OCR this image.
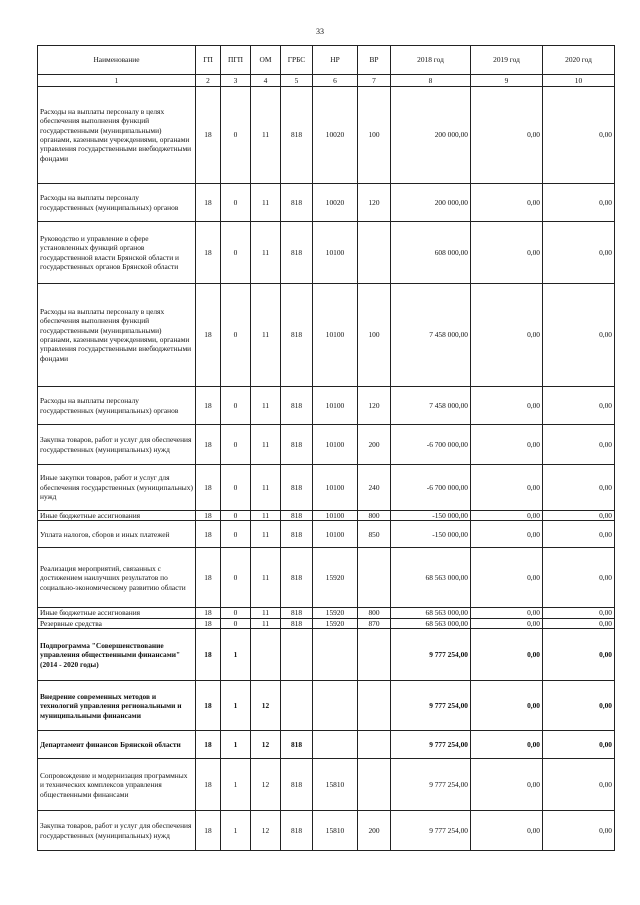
33
Наименование	ГП	ПГП	ОМ	ГРБС	НР	ВР	2018 год	2019 год	2020 год
1	2	3	4	5	6	7	8	9	10
Расходы на выплаты персоналу в целях обеспечения выполнения функций государственными (муниципальными) органами, казенными учреждениями, органами управления государственными внебюджетными фондами	18	0	11	818	10020	100	200 000,00	0,00	0,00
Расходы на выплаты персоналу государственных (муниципальных) органов	18	0	11	818	10020	120	200 000,00	0,00	0,00
Руководство и управление в сфере установленных функций органов государственной власти Брянской области и государственных органов Брянской области	18	0	11	818	10100		608 000,00	0,00	0,00
Расходы на выплаты персоналу в целях обеспечения выполнения функций государственными (муниципальными) органами, казенными учреждениями, органами управления государственными внебюджетными фондами	18	0	11	818	10100	100	7 458 000,00	0,00	0,00
Расходы на выплаты персоналу государственных (муниципальных) органов	18	0	11	818	10100	120	7 458 000,00	0,00	0,00
Закупка товаров, работ и услуг для обеспечения государственных (муниципальных) нужд	18	0	11	818	10100	200	-6 700 000,00	0,00	0,00
Иные закупки товаров, работ и услуг для обеспечения государственных (муниципальных) нужд	18	0	11	818	10100	240	-6 700 000,00	0,00	0,00
Иные бюджетные ассигнования	18	0	11	818	10100	800	-150 000,00	0,00	0,00
Уплата налогов, сборов и иных платежей	18	0	11	818	10100	850	-150 000,00	0,00	0,00
Реализация мероприятий, связанных с достижением наилучших результатов по социально-экономическому развитию области	18	0	11	818	15920		68 563 000,00	0,00	0,00
Иные бюджетные ассигнования	18	0	11	818	15920	800	68 563 000,00	0,00	0,00
Резервные средства	18	0	11	818	15920	870	68 563 000,00	0,00	0,00
Подпрограмма "Совершенствование управления общественными финансами" (2014 - 2020 годы)	18	1					9 777 254,00	0,00	0,00
Внедрение современных методов и технологий управления региональными и муниципальными финансами	18	1	12				9 777 254,00	0,00	0,00
Департамент финансов Брянской области	18	1	12	818			9 777 254,00	0,00	0,00
Сопровождение и модернизация программных и технических комплексов управления общественными финансами	18	1	12	818	15810		9 777 254,00	0,00	0,00
Закупка товаров, работ и услуг для обеспечения государственных (муниципальных) нужд	18	1	12	818	15810	200	9 777 254,00	0,00	0,00
